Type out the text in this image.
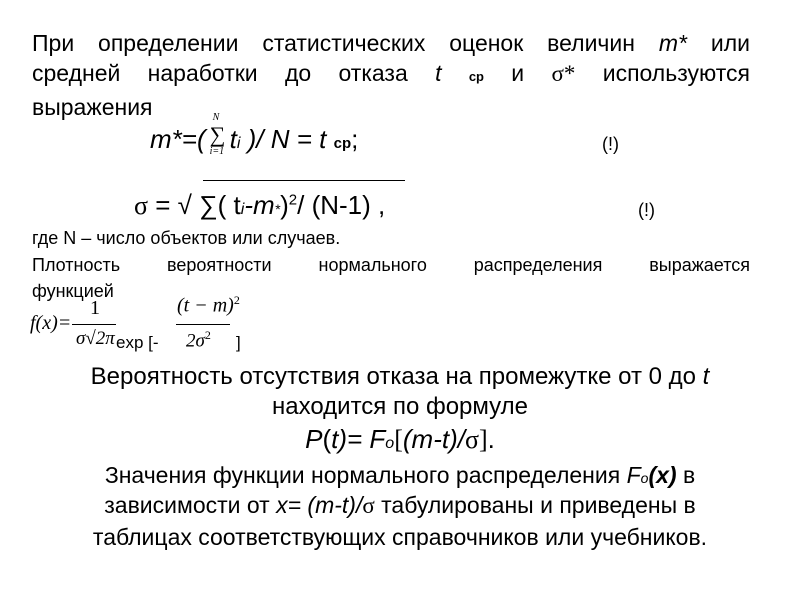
При определении статистических оценок величин m* или
средней наработки до отказа t ср и σ* используются
выражения
m*=(
N
∑
i=1 ti )/ N = t ср;	(!)
σ = √ ∑( ti-m*)$^2$/ (N-1) ,	(!)
где N – число объектов или случаев.
Плотность вероятности нормального распределения выражается
функцией
f(x)=
1
σ√2π exp [-
$(t - m)^2$
$2\sigma^2$ ]
Вероятность отсутствия отказа на промежутке от 0 до t
находится по формуле
P(t)= Fo[(m-t)/σ].
Значения функции нормального распределения Fo(x) в
зависимости от x= (m-t)/σ табулированы и приведены в
таблицах соответствующих справочников или учебников.
